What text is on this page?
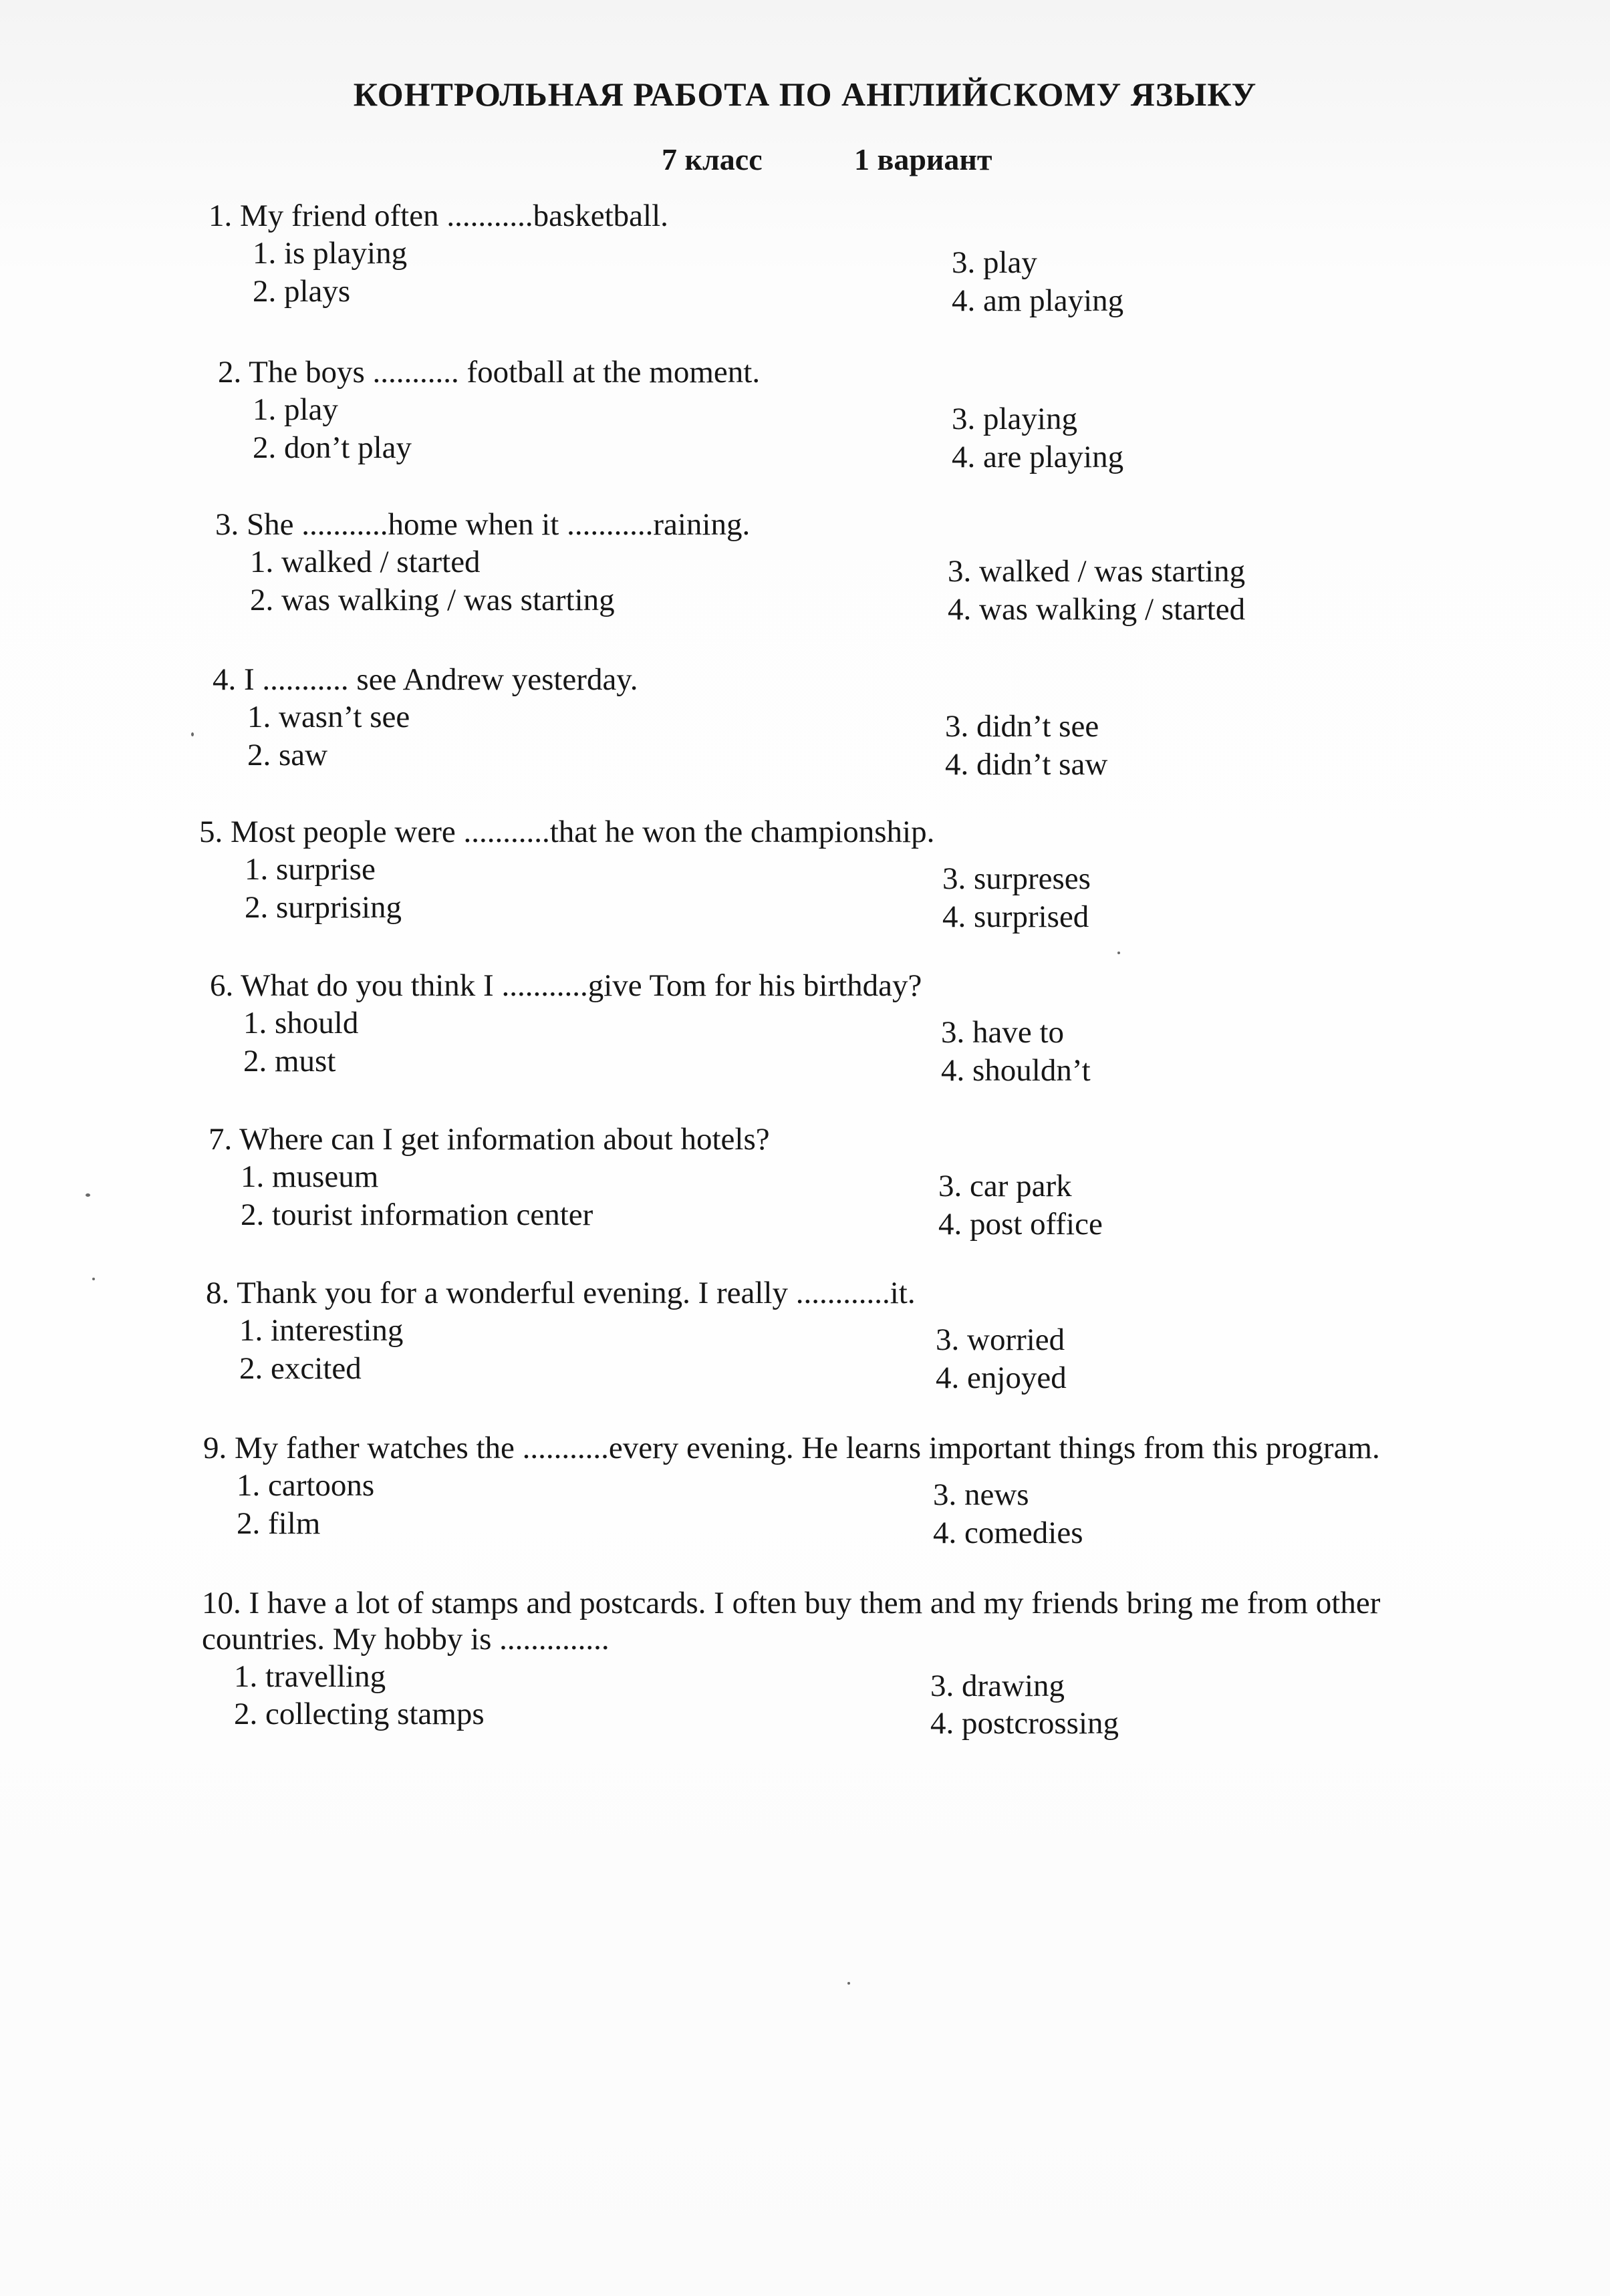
КОНТРОЛЬНАЯ РАБОТА ПО АНГЛИЙСКОМУ ЯЗЫКУ
7 класс	1 вариант
1. My friend often ...........basketball.
1. is playing
2. plays
3. play
4. am playing
2. The boys ........... football at the moment.
1. play
2. don’t play
3. playing
4. are playing
3. She ...........home when it ...........raining.
1. walked / started
2. was walking / was starting
3. walked / was starting
4. was walking / started
4. I ........... see Andrew yesterday.
1. wasn’t see
2. saw
3. didn’t see
4. didn’t saw
5. Most people were ...........that he won the championship.
1. surprise
2. surprising
3. surpreses
4. surprised
6. What do you think I ...........give Tom for his birthday?
1. should
2. must
3. have to
4. shouldn’t
7. Where can I get information about hotels?
1. museum
2. tourist information center
3. car park
4. post office
8. Thank you for a wonderful evening. I really ............it.
1. interesting
2. excited
3. worried
4. enjoyed
9. My father watches the ...........every evening. He learns important things from this program.
1. cartoons
2. film
3. news
4. comedies
10. I have a lot of stamps and postcards. I often buy them and my friends bring me from other
countries. My hobby is ..............
1. travelling
2. collecting stamps
3. drawing
4. postcrossing
